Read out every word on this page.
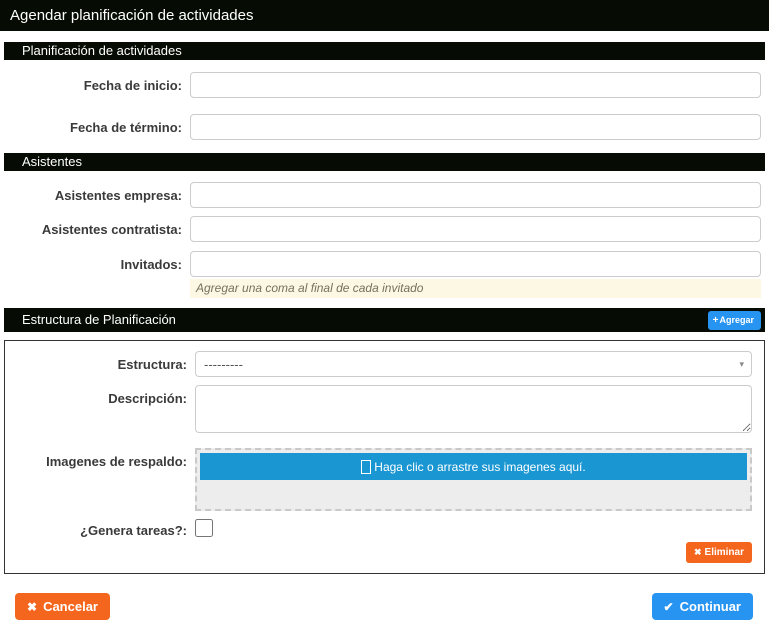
Agendar planificación de actividades
Planificación de actividades
Fecha de inicio:
Fecha de término:
Asistentes
Asistentes empresa:
Asistentes contratista:
Invitados:
Agregar una coma al final de cada invitado
Estructura de Planificación	+ Agregar
Estructura:
---------	▾
Descripción:
Imagenes de respaldo:	Haga clic o arrastre sus imagenes aquí.
¿Genera tareas?:
✖ Eliminar
✖ Cancelar	✔ Continuar
